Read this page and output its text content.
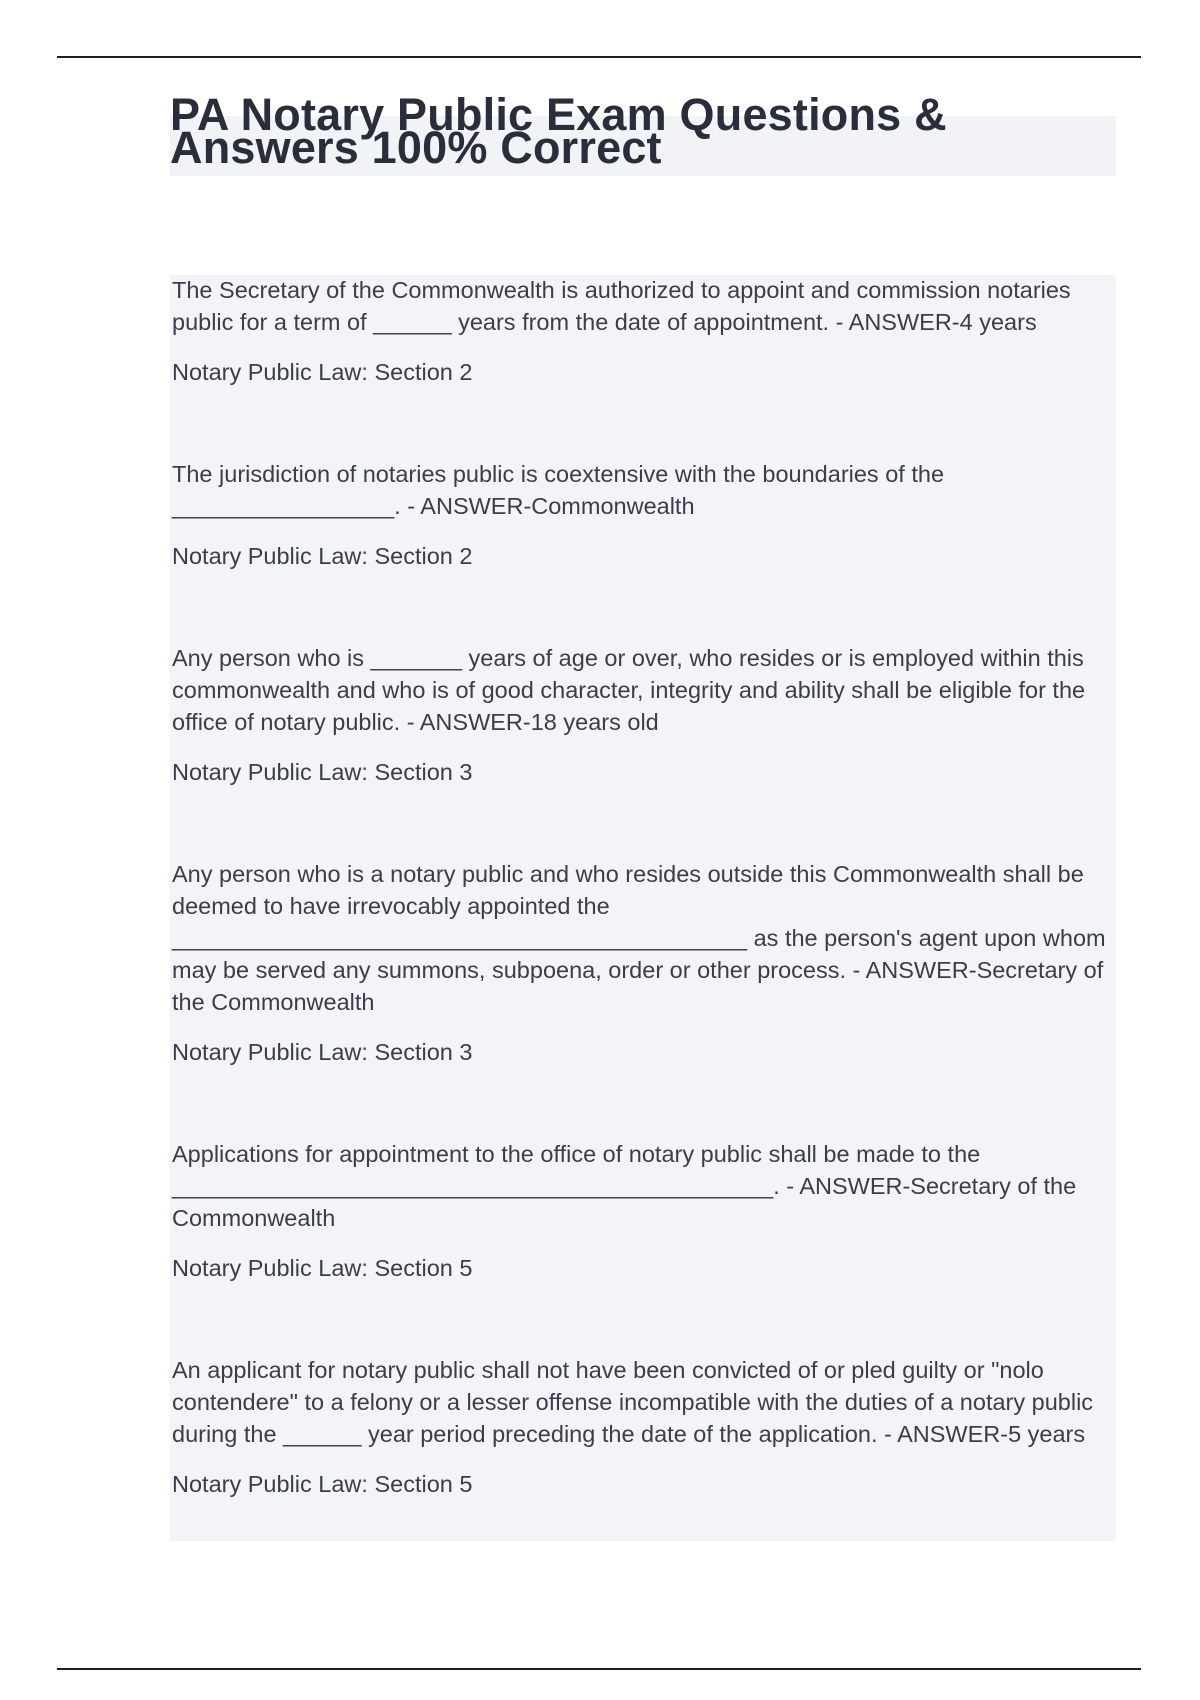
PA Notary Public Exam Questions & Answers 100% Correct

The Secretary of the Commonwealth is authorized to appoint and commission notaries public for a term of ______ years from the date of appointment. - ANSWER-4 years

Notary Public Law: Section 2

The jurisdiction of notaries public is coextensive with the boundaries of the _________________. - ANSWER-Commonwealth

Notary Public Law: Section 2

Any person who is _______ years of age or over, who resides or is employed within this commonwealth and who is of good character, integrity and ability shall be eligible for the office of notary public. - ANSWER-18 years old

Notary Public Law: Section 3

Any person who is a notary public and who resides outside this Commonwealth shall be deemed to have irrevocably appointed the ____________________________________________ as the person's agent upon whom may be served any summons, subpoena, order or other process. - ANSWER-Secretary of the Commonwealth

Notary Public Law: Section 3

Applications for appointment to the office of notary public shall be made to the ______________________________________________. - ANSWER-Secretary of the Commonwealth

Notary Public Law: Section 5

An applicant for notary public shall not have been convicted of or pled guilty or "nolo contendere" to a felony or a lesser offense incompatible with the duties of a notary public during the ______ year period preceding the date of the application. - ANSWER-5 years

Notary Public Law: Section 5
